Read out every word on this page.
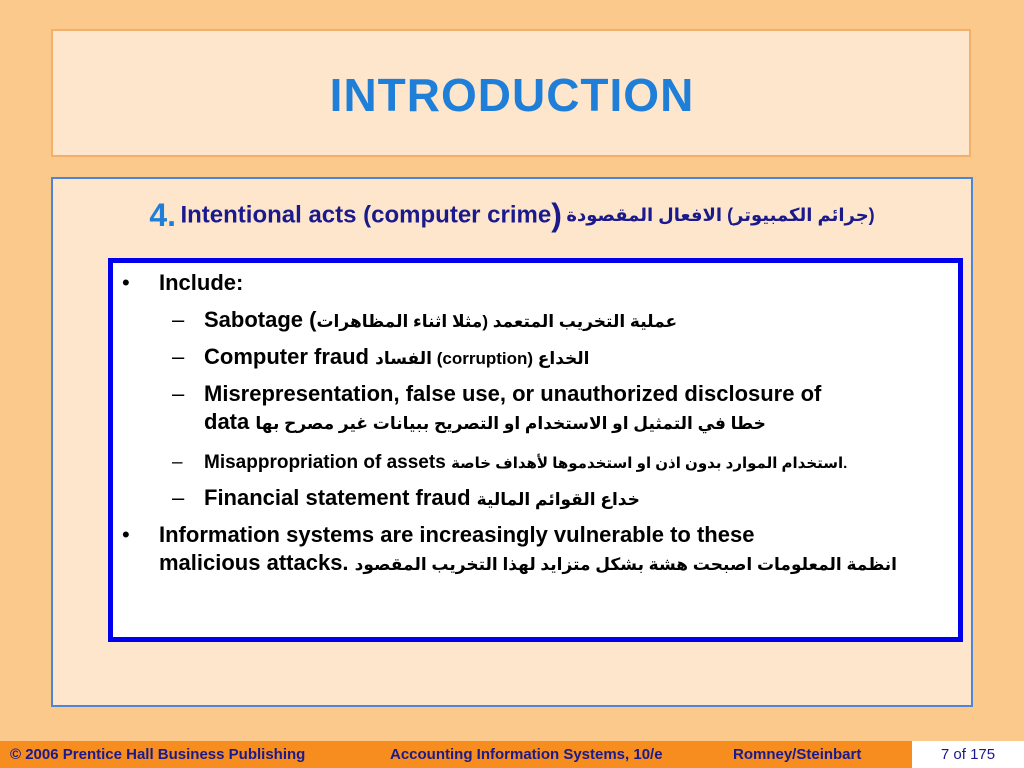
INTRODUCTION
4. Intentional acts (computer crime) (جرائم الكمبيوتر) الافعال المقصودة
• Include:
– Sabotage (عملية التخريب المتعمد (مثلا اثناء المظاهرات
– Computer fraud الخداع (corruption) الفساد
– Misrepresentation, false use, or unauthorized disclosure of
data خطا في التمثيل او الاستخدام او التصريح ببيانات غير مصرح بها
– Misappropriation of assets .استخدام الموارد بدون اذن او استخدموها لأهداف خاصة
– Financial statement fraud خداع القوائم المالية
• Information systems are increasingly vulnerable to these
malicious attacks. انظمة المعلومات اصبحت هشة بشكل متزايد لهذا التخريب المقصود
© 2006 Prentice Hall Business Publishing	Accounting Information Systems, 10/e	Romney/Steinbart	7 of 175
